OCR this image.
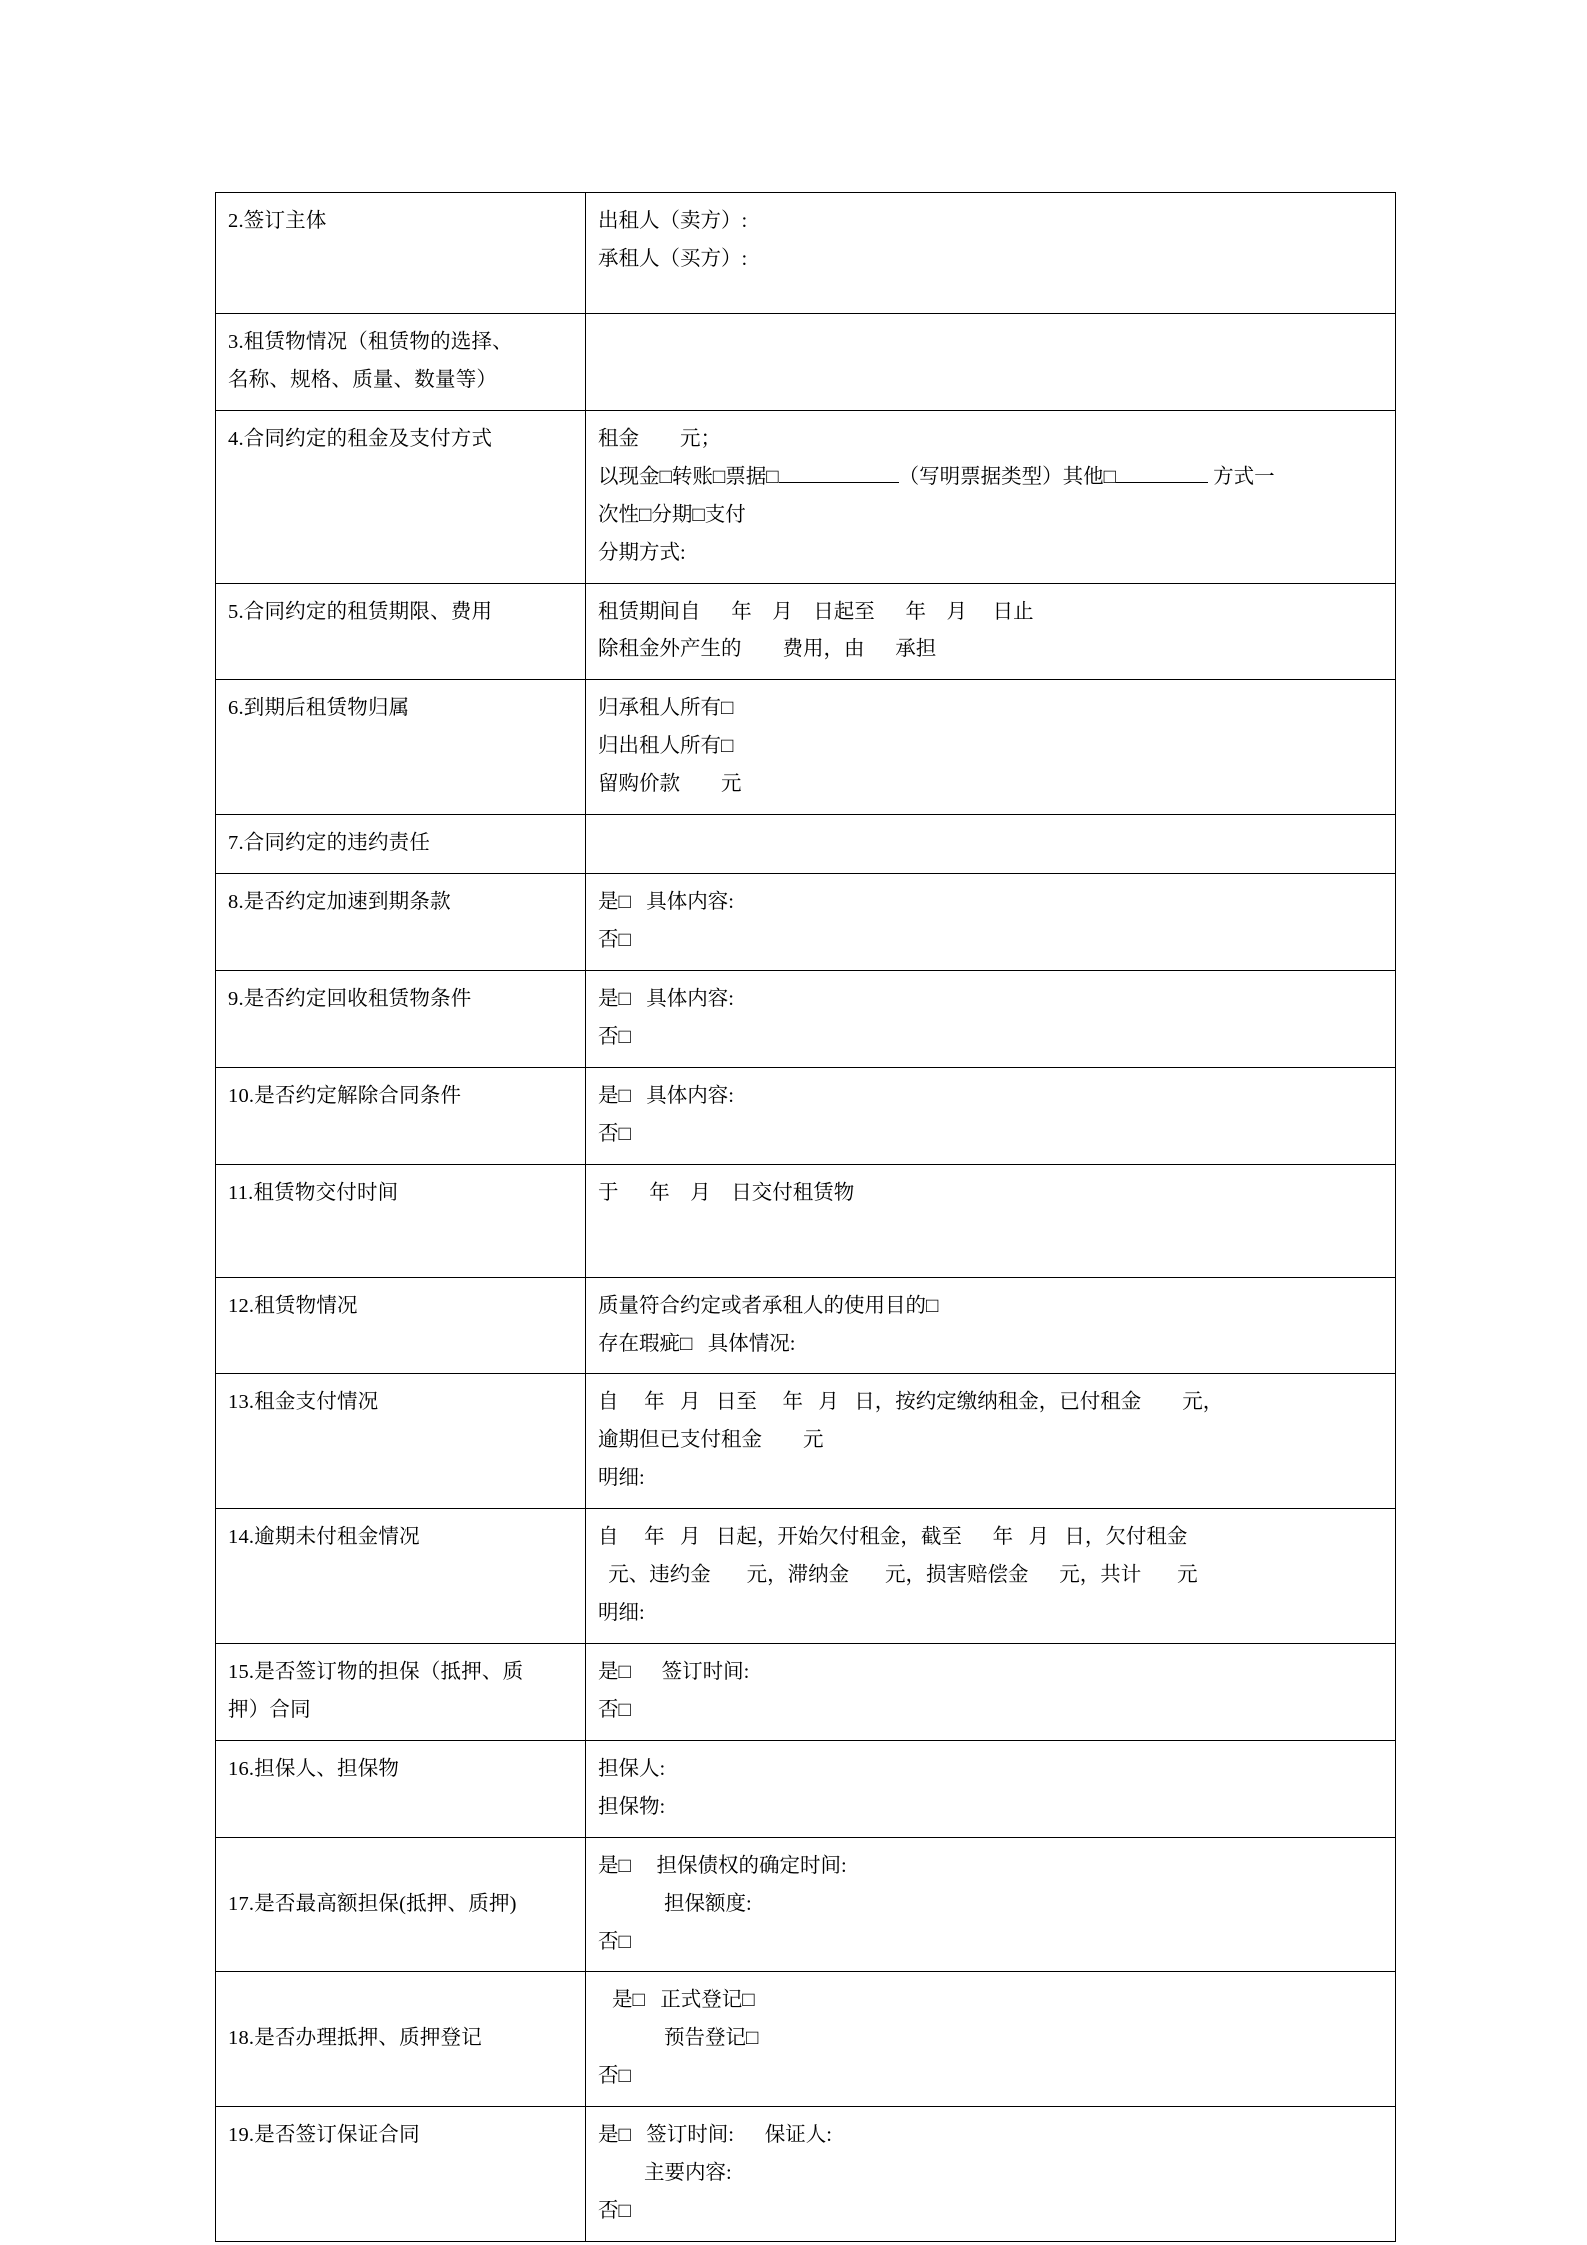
2.签订主体	出租人（卖方）:
承租人（买方）:

3.租赁物情况（租赁物的选择、
名称、规格、质量、数量等）	

4.合同约定的租金及支付方式	租金        元；
以现金□转账□票据□ （写明票据类型）其他□ 方式一
次性□分期□支付
分期方式:

5.合同约定的租赁期限、费用	租赁期间自      年    月    日起至      年    月     日止
除租金外产生的        费用，由      承担

6.到期后租赁物归属	归承租人所有□
归出租人所有□
留购价款        元

7.合同约定的违约责任	

8.是否约定加速到期条款	是□   具体内容:
否□

9.是否约定回收租赁物条件	是□   具体内容:
否□

10.是否约定解除合同条件	是□   具体内容:
否□

11.租赁物交付时间	于      年    月    日交付租赁物

12.租赁物情况	质量符合约定或者承租人的使用目的□
存在瑕疵□   具体情况:

13.租金支付情况	自     年   月   日至     年   月   日，按约定缴纳租金，已付租金        元，
逾期但已支付租金        元
明细:

14.逾期未付租金情况	自     年   月   日起，开始欠付租金，截至      年   月   日，欠付租金
元、违约金       元，滞纳金       元，损害赔偿金      元，共计       元
明细:

15.是否签订物的担保（抵押、质
押）合同	是□      签订时间:
否□

16.担保人、担保物	担保人:
担保物:

17.是否最高额担保(抵押、质押)	是□     担保债权的确定时间:
担保额度:
否□

18.是否办理抵押、质押登记	是□   正式登记□
预告登记□
否□

19.是否签订保证合同	是□   签订时间:      保证人:
主要内容:
否□
